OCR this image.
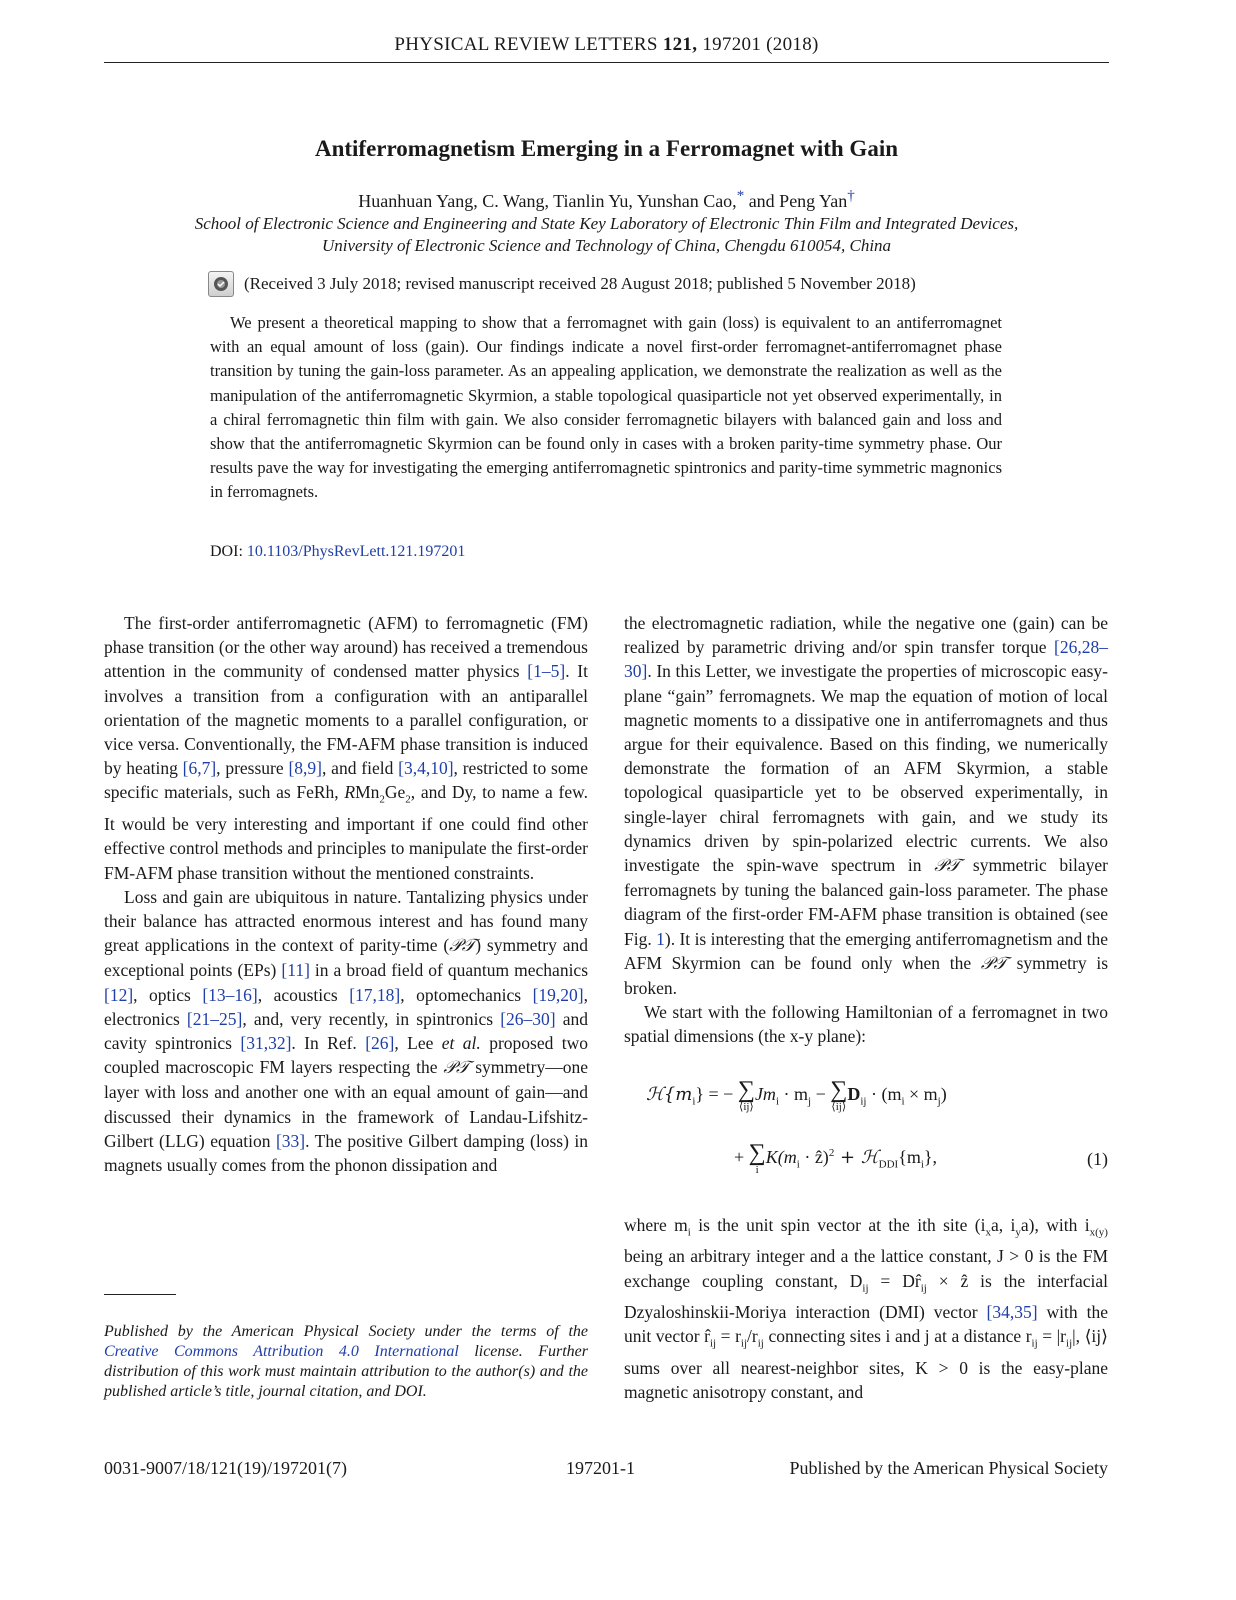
PHYSICAL REVIEW LETTERS 121, 197201 (2018)
Antiferromagnetism Emerging in a Ferromagnet with Gain
Huanhuan Yang, C. Wang, Tianlin Yu, Yunshan Cao,* and Peng Yan†
School of Electronic Science and Engineering and State Key Laboratory of Electronic Thin Film and Integrated Devices,
University of Electronic Science and Technology of China, Chengdu 610054, China
(Received 3 July 2018; revised manuscript received 28 August 2018; published 5 November 2018)
We present a theoretical mapping to show that a ferromagnet with gain (loss) is equivalent to an antiferromagnet with an equal amount of loss (gain). Our findings indicate a novel first-order ferromagnet-antiferromagnet phase transition by tuning the gain-loss parameter. As an appealing application, we demonstrate the realization as well as the manipulation of the antiferromagnetic Skyrmion, a stable topological quasiparticle not yet observed experimentally, in a chiral ferromagnetic thin film with gain. We also consider ferromagnetic bilayers with balanced gain and loss and show that the antiferromagnetic Skyrmion can be found only in cases with a broken parity-time symmetry phase. Our results pave the way for investigating the emerging antiferromagnetic spintronics and parity-time symmetric magnonics in ferromagnets.
DOI: 10.1103/PhysRevLett.121.197201

The first-order antiferromagnetic (AFM) to ferromagnetic (FM) phase transition (or the other way around) has received a tremendous attention in the community of condensed matter physics [1–5]. It involves a transition from a configuration with an antiparallel orientation of the magnetic moments to a parallel configuration, or vice versa. Conventionally, the FM-AFM phase transition is induced by heating [6,7], pressure [8,9], and field [3,4,10], restricted to some specific materials, such as FeRh, $RMn_2Ge_2$, and Dy, to name a few. It would be very interesting and important if one could find other effective control methods and principles to manipulate the first-order FM-AFM phase transition without the mentioned constraints.

Loss and gain are ubiquitous in nature. Tantalizing physics under their balance has attracted enormous interest and has found many great applications in the context of parity-time (𝒫𝒯) symmetry and exceptional points (EPs) [11] in a broad field of quantum mechanics [12], optics [13–16], acoustics [17,18], optomechanics [19,20], electronics [21–25], and, very recently, in spintronics [26–30] and cavity spintronics [31,32]. In Ref. [26], Lee et al. proposed two coupled macroscopic FM layers respecting the 𝒫𝒯 symmetry—one layer with loss and another one with an equal amount of gain—and discussed their dynamics in the framework of Landau-Lifshitz-Gilbert (LLG) equation [33]. The positive Gilbert damping (loss) in magnets usually comes from the phonon dissipation and

Published by the American Physical Society under the terms of the Creative Commons Attribution 4.0 International license. Further distribution of this work must maintain attribution to the author(s) and the published article’s title, journal citation, and DOI.

the electromagnetic radiation, while the negative one (gain) can be realized by parametric driving and/or spin transfer torque [26,28–30]. In this Letter, we investigate the properties of microscopic easy-plane “gain” ferromagnets. We map the equation of motion of local magnetic moments to a dissipative one in antiferromagnets and thus argue for their equivalence. Based on this finding, we numerically demonstrate the formation of an AFM Skyrmion, a stable topological quasiparticle yet to be observed experimentally, in single-layer chiral ferromagnets with gain, and we study its dynamics driven by spin-polarized electric currents. We also investigate the spin-wave spectrum in 𝒫𝒯 symmetric bilayer ferromagnets by tuning the balanced gain-loss parameter. The phase diagram of the first-order FM-AFM phase transition is obtained (see Fig. 1). It is interesting that the emerging antiferromagnetism and the AFM Skyrmion can be found only when the 𝒫𝒯 symmetry is broken.

We start with the following Hamiltonian of a ferromagnet in two spatial dimensions (the x-y plane):

$ℋ\{m_i\}$ = − ∑
⟨ij⟩
$Jm_i \cdot m_j$ − ∑
⟨ij⟩
$D_{ij} \cdot (m_i \times m_j)$
+ ∑
i
$K(m_i$ · ẑ)$^2$ + $ℋ_{DDI}\{m_i\}$,	(1)

where $m_i$ is the unit spin vector at the ith site ($i_xa$, $i_ya$), with $i_{x(y)}$ being an arbitrary integer and a the lattice constant, J > 0 is the FM exchange coupling constant, $D_{ij}$ = $Dr̂_{ij}$ × ẑ is the interfacial Dzyaloshinskii-Moriya interaction (DMI) vector [34,35] with the unit vector $r̂_{ij} = r_{ij}/r_{ij}$ connecting sites i and j at a distance $r_{ij} = |r_{ij}|$, ⟨ij⟩ sums over all nearest-neighbor sites, K > 0 is the easy-plane magnetic anisotropy constant, and

0031-9007/18/121(19)/197201(7)	197201-1	Published by the American Physical Society
